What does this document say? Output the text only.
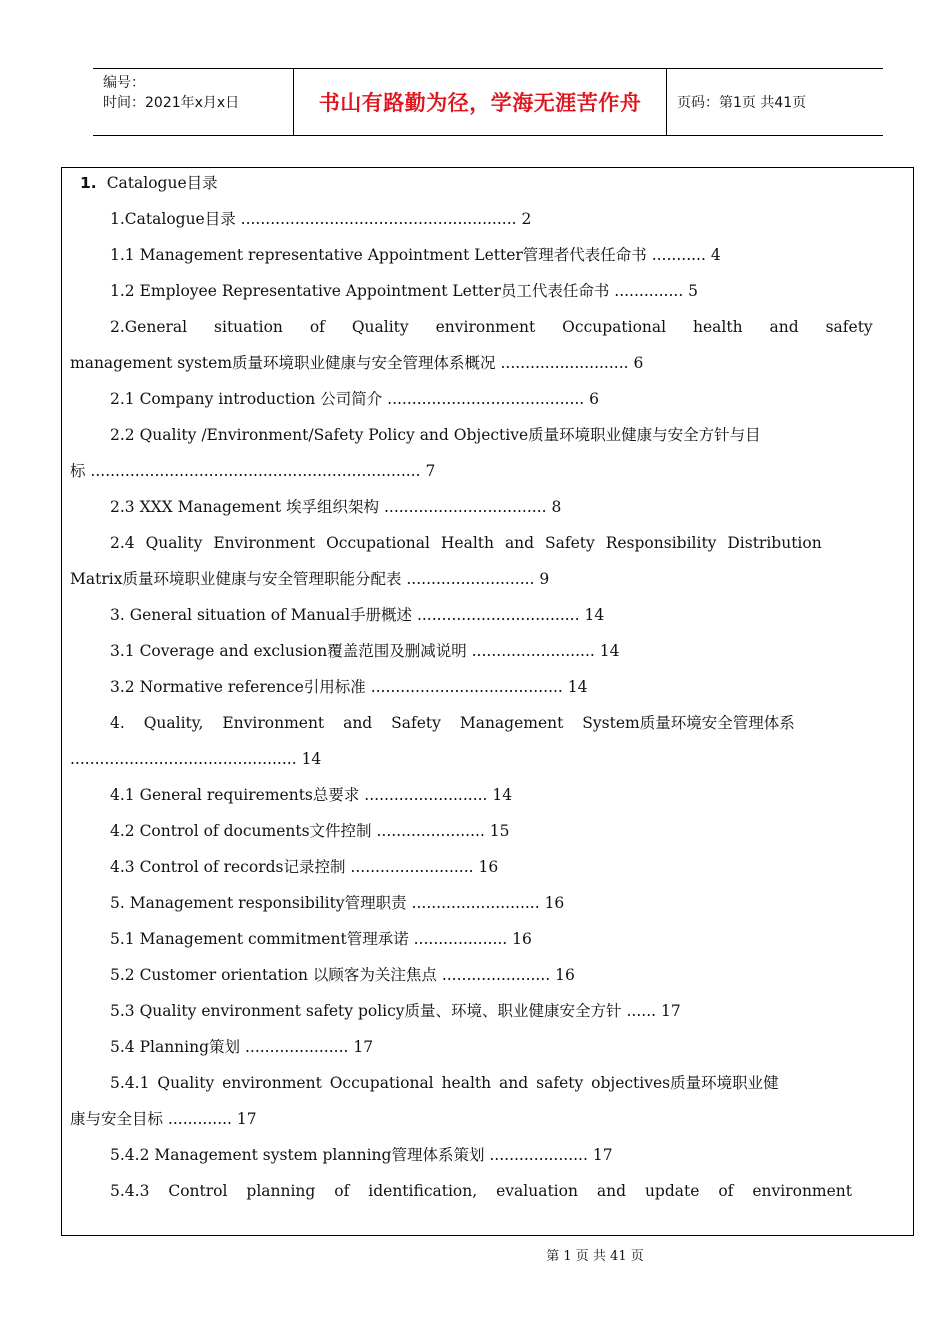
编号：
时间：2021年x月x日	书山有路勤为径，学海无涯苦作舟	页码：第1页 共41页
1. Catalogue目录
1.Catalogue目录 ........................................................ 2
1.1 Management representative Appointment Letter管理者代表任命书 ........... 4
1.2 Employee Representative Appointment Letter员工代表任命书 .............. 5
2.General situation of Quality environment Occupational health and safety
management system质量环境职业健康与安全管理体系概况 .......................... 6
2.1 Company introduction 公司简介 ........................................ 6
2.2 Quality /Environment/Safety Policy and Objective质量环境职业健康与安全方针与目
标 ................................................................... 7
2.3 XXX Management 埃孚组织架构 ................................. 8
2.4 Quality Environment Occupational Health and Safety Responsibility Distribution
Matrix质量环境职业健康与安全管理职能分配表 .......................... 9
3. General situation of Manual手册概述 ................................. 14
3.1 Coverage and exclusion覆盖范围及删减说明 ......................... 14
3.2 Normative reference引用标准 ....................................... 14
4. Quality, Environment and Safety Management System质量环境安全管理体系
.............................................. 14
4.1 General requirements总要求 ......................... 14
4.2 Control of documents文件控制 ...................... 15
4.3 Control of records记录控制 ......................... 16
5. Management responsibility管理职责 .......................... 16
5.1 Management commitment管理承诺 ................... 16
5.2 Customer orientation 以顾客为关注焦点 ...................... 16
5.3 Quality environment safety policy质量、环境、职业健康安全方针 ...... 17
5.4 Planning策划 ..................... 17
5.4.1 Quality environment Occupational health and safety objectives质量环境职业健
康与安全目标 ............. 17
5.4.2 Management system planning管理体系策划 .................... 17
5.4.3 Control planning of identification, evaluation and update of environment
第 1 页 共 41 页
